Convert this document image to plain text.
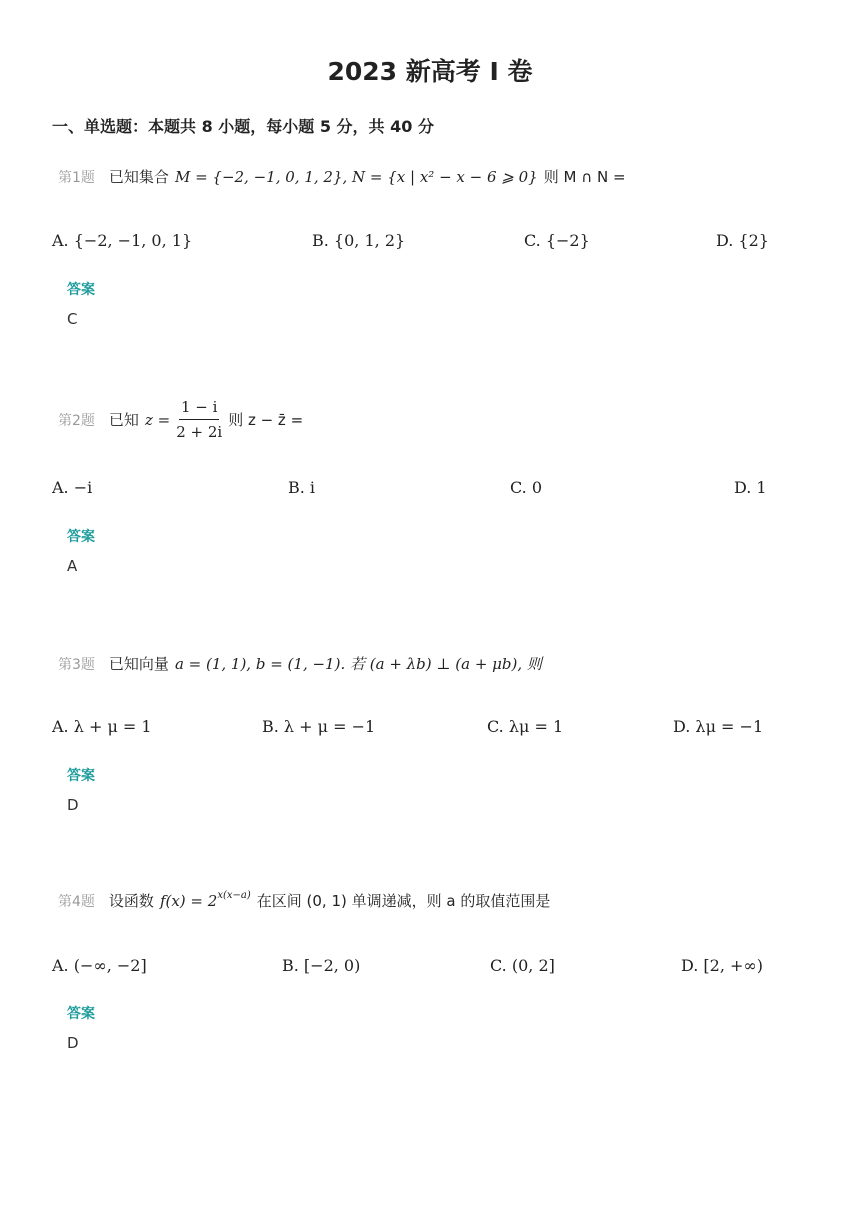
2023 新高考 I 卷
一、单选题：本题共 8 小题，每小题 5 分，共 40 分
第1题 已知集合 M = {−2, −1, 0, 1, 2}, N = {x | x² − x − 6 ⩾ 0} 则 M ∩ N =
A. {−2, −1, 0, 1}	B. {0, 1, 2}	C. {−2}	D. {2}
答案
C
第2题 已知 $z = \frac{1 - i}{2 + 2i}$ 则 z − z̄ =
A. −i	B. i	C. 0	D. 1
答案
A
第3题 已知向量 a = (1, 1), b = (1, −1). 若 (a + λb) ⊥ (a + μb), 则
A. λ + μ = 1	B. λ + μ = −1	C. λμ = 1	D. λμ = −1
答案
D
第4题 设函数 $f(x) = 2^{x(x-a)}$ 在区间 (0, 1) 单调递减，则 a 的取值范围是
A. (−∞, −2]	B. [−2, 0)	C. (0, 2]	D. [2, +∞)
答案
D
